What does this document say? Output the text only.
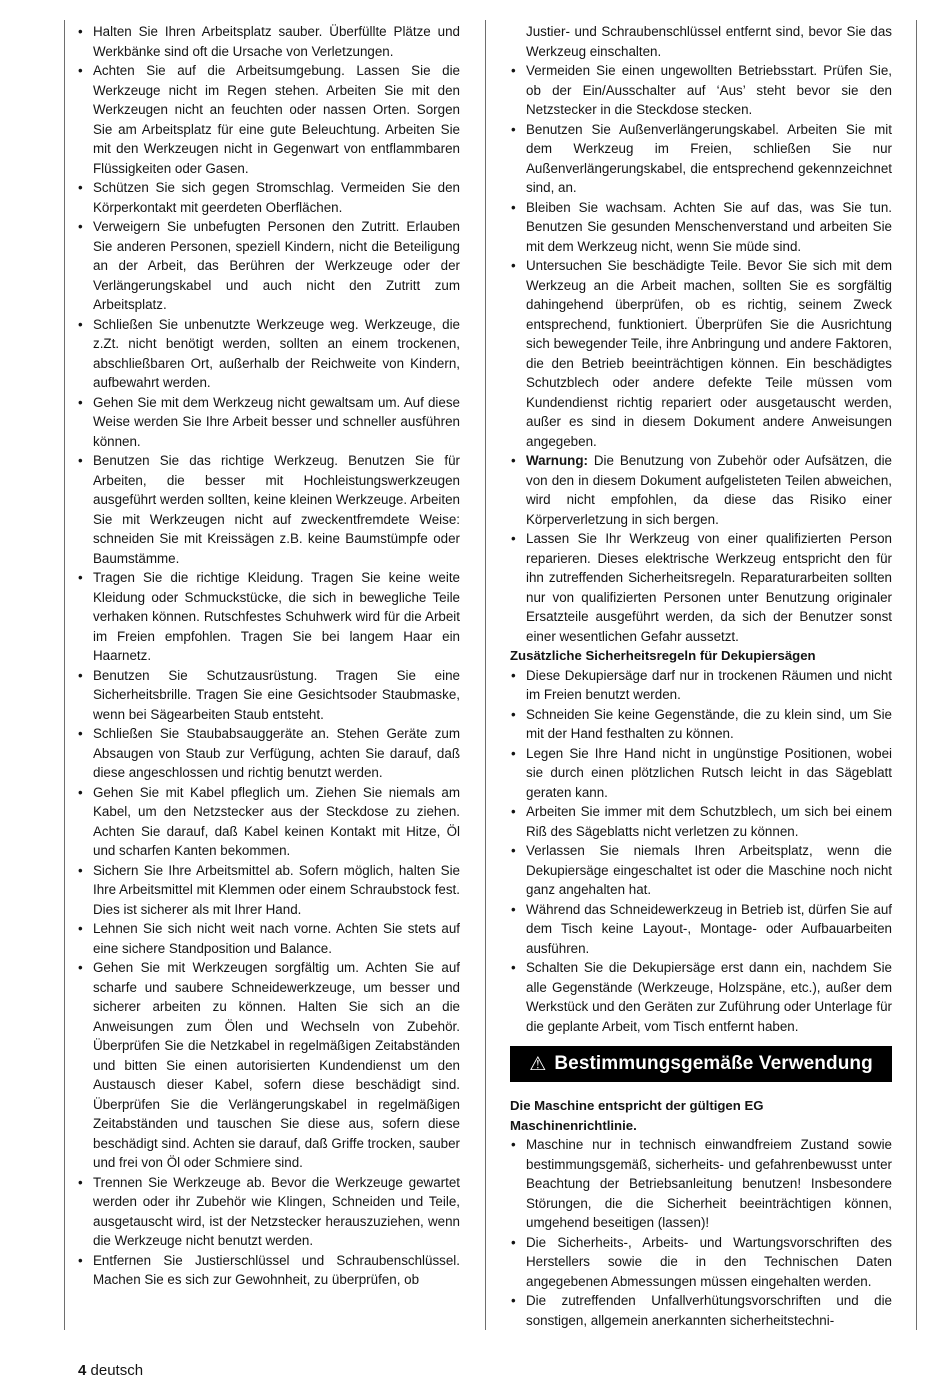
• Halten Sie Ihren Arbeitsplatz sauber. Überfüllte Plätze und Werkbänke sind oft die Ursache von Verletzungen.
• Achten Sie auf die Arbeitsumgebung. Lassen Sie die Werkzeuge nicht im Regen stehen. Arbeiten Sie mit den Werkzeugen nicht an feuchten oder nassen Orten. Sorgen Sie am Arbeitsplatz für eine gute Beleuchtung. Arbeiten Sie mit den Werkzeugen nicht in Gegenwart von entflammbaren Flüssigkeiten oder Gasen.
• Schützen Sie sich gegen Stromschlag. Vermeiden Sie den Körperkontakt mit geerdeten Oberflächen.
• Verweigern Sie unbefugten Personen den Zutritt. Erlauben Sie anderen Personen, speziell Kindern, nicht die Beteiligung an der Arbeit, das Berühren der Werkzeuge oder der Verlängerungskabel und auch nicht den Zutritt zum Arbeitsplatz.
• Schließen Sie unbenutzte Werkzeuge weg. Werkzeuge, die z.Zt. nicht benötigt werden, sollten an einem trockenen, abschließbaren Ort, außerhalb der Reichweite von Kindern, aufbewahrt werden.
• Gehen Sie mit dem Werkzeug nicht gewaltsam um. Auf diese Weise werden Sie Ihre Arbeit besser und schneller ausführen können.
• Benutzen Sie das richtige Werkzeug. Benutzen Sie für Arbeiten, die besser mit Hochleistungswerkzeugen ausgeführt werden sollten, keine kleinen Werkzeuge. Arbeiten Sie mit Werkzeugen nicht auf zweckentfremdete Weise: schneiden Sie mit Kreissägen z.B. keine Baumstümpfe oder Baumstämme.
• Tragen Sie die richtige Kleidung. Tragen Sie keine weite Kleidung oder Schmuckstücke, die sich in bewegliche Teile verhaken können. Rutschfestes Schuhwerk wird für die Arbeit im Freien empfohlen. Tragen Sie bei langem Haar ein Haarnetz.
• Benutzen Sie Schutzausrüstung. Tragen Sie eine Sicherheitsbrille. Tragen Sie eine Gesichtsoder Staubmaske, wenn bei Sägearbeiten Staub entsteht.
• Schließen Sie Staubabsauggeräte an. Stehen Geräte zum Absaugen von Staub zur Verfügung, achten Sie darauf, daß diese angeschlossen und richtig benutzt werden.
• Gehen Sie mit Kabel pfleglich um. Ziehen Sie niemals am Kabel, um den Netzstecker aus der Steckdose zu ziehen. Achten Sie darauf, daß Kabel keinen Kontakt mit Hitze, Öl und scharfen Kanten bekommen.
• Sichern Sie Ihre Arbeitsmittel ab. Sofern möglich, halten Sie Ihre Arbeitsmittel mit Klemmen oder einem Schraubstock fest. Dies ist sicherer als mit Ihrer Hand.
• Lehnen Sie sich nicht weit nach vorne. Achten Sie stets auf eine sichere Standposition und Balance.
• Gehen Sie mit Werkzeugen sorgfältig um. Achten Sie auf scharfe und saubere Schneidewerkzeuge, um besser und sicherer arbeiten zu können. Halten Sie sich an die Anweisungen zum Ölen und Wechseln von Zubehör. Überprüfen Sie die Netzkabel in regelmäßigen Zeitabständen und bitten Sie einen autorisierten Kundendienst um den Austausch dieser Kabel, sofern diese beschädigt sind. Überprüfen Sie die Verlängerungskabel in regelmäßigen Zeitabständen und tauschen Sie diese aus, sofern diese beschädigt sind. Achten sie darauf, daß Griffe trocken, sauber und frei von Öl oder Schmiere sind.
• Trennen Sie Werkzeuge ab. Bevor die Werkzeuge gewartet werden oder ihr Zubehör wie Klingen, Schneiden und Teile, ausgetauscht wird, ist der Netzstecker herauszuziehen, wenn die Werkzeuge nicht benutzt werden.
• Entfernen Sie Justierschlüssel und Schraubenschlüssel. Machen Sie es sich zur Gewohnheit, zu überprüfen, ob

Justier- und Schraubenschlüssel entfernt sind, bevor Sie das Werkzeug einschalten.

• Vermeiden Sie einen ungewollten Betriebsstart. Prüfen Sie, ob der Ein/Ausschalter auf ‘Aus’ steht bevor sie den Netzstecker in die Steckdose stecken.
• Benutzen Sie Außenverlängerungskabel. Arbeiten Sie mit dem Werkzeug im Freien, schließen Sie nur Außenverlängerungskabel, die entsprechend gekennzeichnet sind, an.
• Bleiben Sie wachsam. Achten Sie auf das, was Sie tun. Benutzen Sie gesunden Menschenverstand und arbeiten Sie mit dem Werkzeug nicht, wenn Sie müde sind.
• Untersuchen Sie beschädigte Teile. Bevor Sie sich mit dem Werkzeug an die Arbeit machen, sollten Sie es sorgfältig dahingehend überprüfen, ob es richtig, seinem Zweck entsprechend, funktioniert. Überprüfen Sie die Ausrichtung sich bewegender Teile, ihre Anbringung und andere Faktoren, die den Betrieb beeinträchtigen können. Ein beschädigtes Schutzblech oder andere defekte Teile müssen vom Kundendienst richtig repariert oder ausgetauscht werden, außer es sind in diesem Dokument andere Anweisungen angegeben.
• Warnung: Die Benutzung von Zubehör oder Aufsätzen, die von den in diesem Dokument aufgelisteten Teilen abweichen, wird nicht empfohlen, da diese das Risiko einer Körperverletzung in sich bergen.
• Lassen Sie Ihr Werkzeug von einer qualifizierten Person reparieren. Dieses elektrische Werkzeug entspricht den für ihn zutreffenden Sicherheitsregeln. Reparaturarbeiten sollten nur von qualifizierten Personen unter Benutzung originaler Ersatzteile ausgeführt werden, da sich der Benutzer sonst einer wesentlichen Gefahr aussetzt.

Zusätzliche Sicherheitsregeln für Dekupiersägen

• Diese Dekupiersäge darf nur in trockenen Räumen und nicht im Freien benutzt werden.
• Schneiden Sie keine Gegenstände, die zu klein sind, um Sie mit der Hand festhalten zu können.
• Legen Sie Ihre Hand nicht in ungünstige Positionen, wobei sie durch einen plötzlichen Rutsch leicht in das Sägeblatt geraten kann.
• Arbeiten Sie immer mit dem Schutzblech, um sich bei einem Riß des Sägeblatts nicht verletzen zu können.
• Verlassen Sie niemals Ihren Arbeitsplatz, wenn die Dekupiersäge eingeschaltet ist oder die Maschine noch nicht ganz angehalten hat.
• Während das Schneidewerkzeug in Betrieb ist, dürfen Sie auf dem Tisch keine Layout-, Montage- oder Aufbauarbeiten ausführen.
• Schalten Sie die Dekupiersäge erst dann ein, nachdem Sie alle Gegenstände (Werkzeuge, Holzspäne, etc.), außer dem Werkstück und den Geräten zur Zuführung oder Unterlage für die geplante Arbeit, vom Tisch entfernt haben.
⚠ Bestimmungsgemäße Verwendung

Die Maschine entspricht der gültigen EG Maschinenrichtlinie.

• Maschine nur in technisch einwandfreiem Zustand sowie bestimmungsgemäß, sicherheits- und gefahrenbewusst unter Beachtung der Betriebsanleitung benutzen! Insbesondere Störungen, die die Sicherheit beeinträchtigen können, umgehend beseitigen (lassen)!
• Die Sicherheits-, Arbeits- und Wartungsvorschriften des Herstellers sowie die in den Technischen Daten angegebenen Abmessungen müssen eingehalten werden.
• Die zutreffenden Unfallverhütungsvorschriften und die sonstigen, allgemein anerkannten sicherheitstechni-
4 deutsch
